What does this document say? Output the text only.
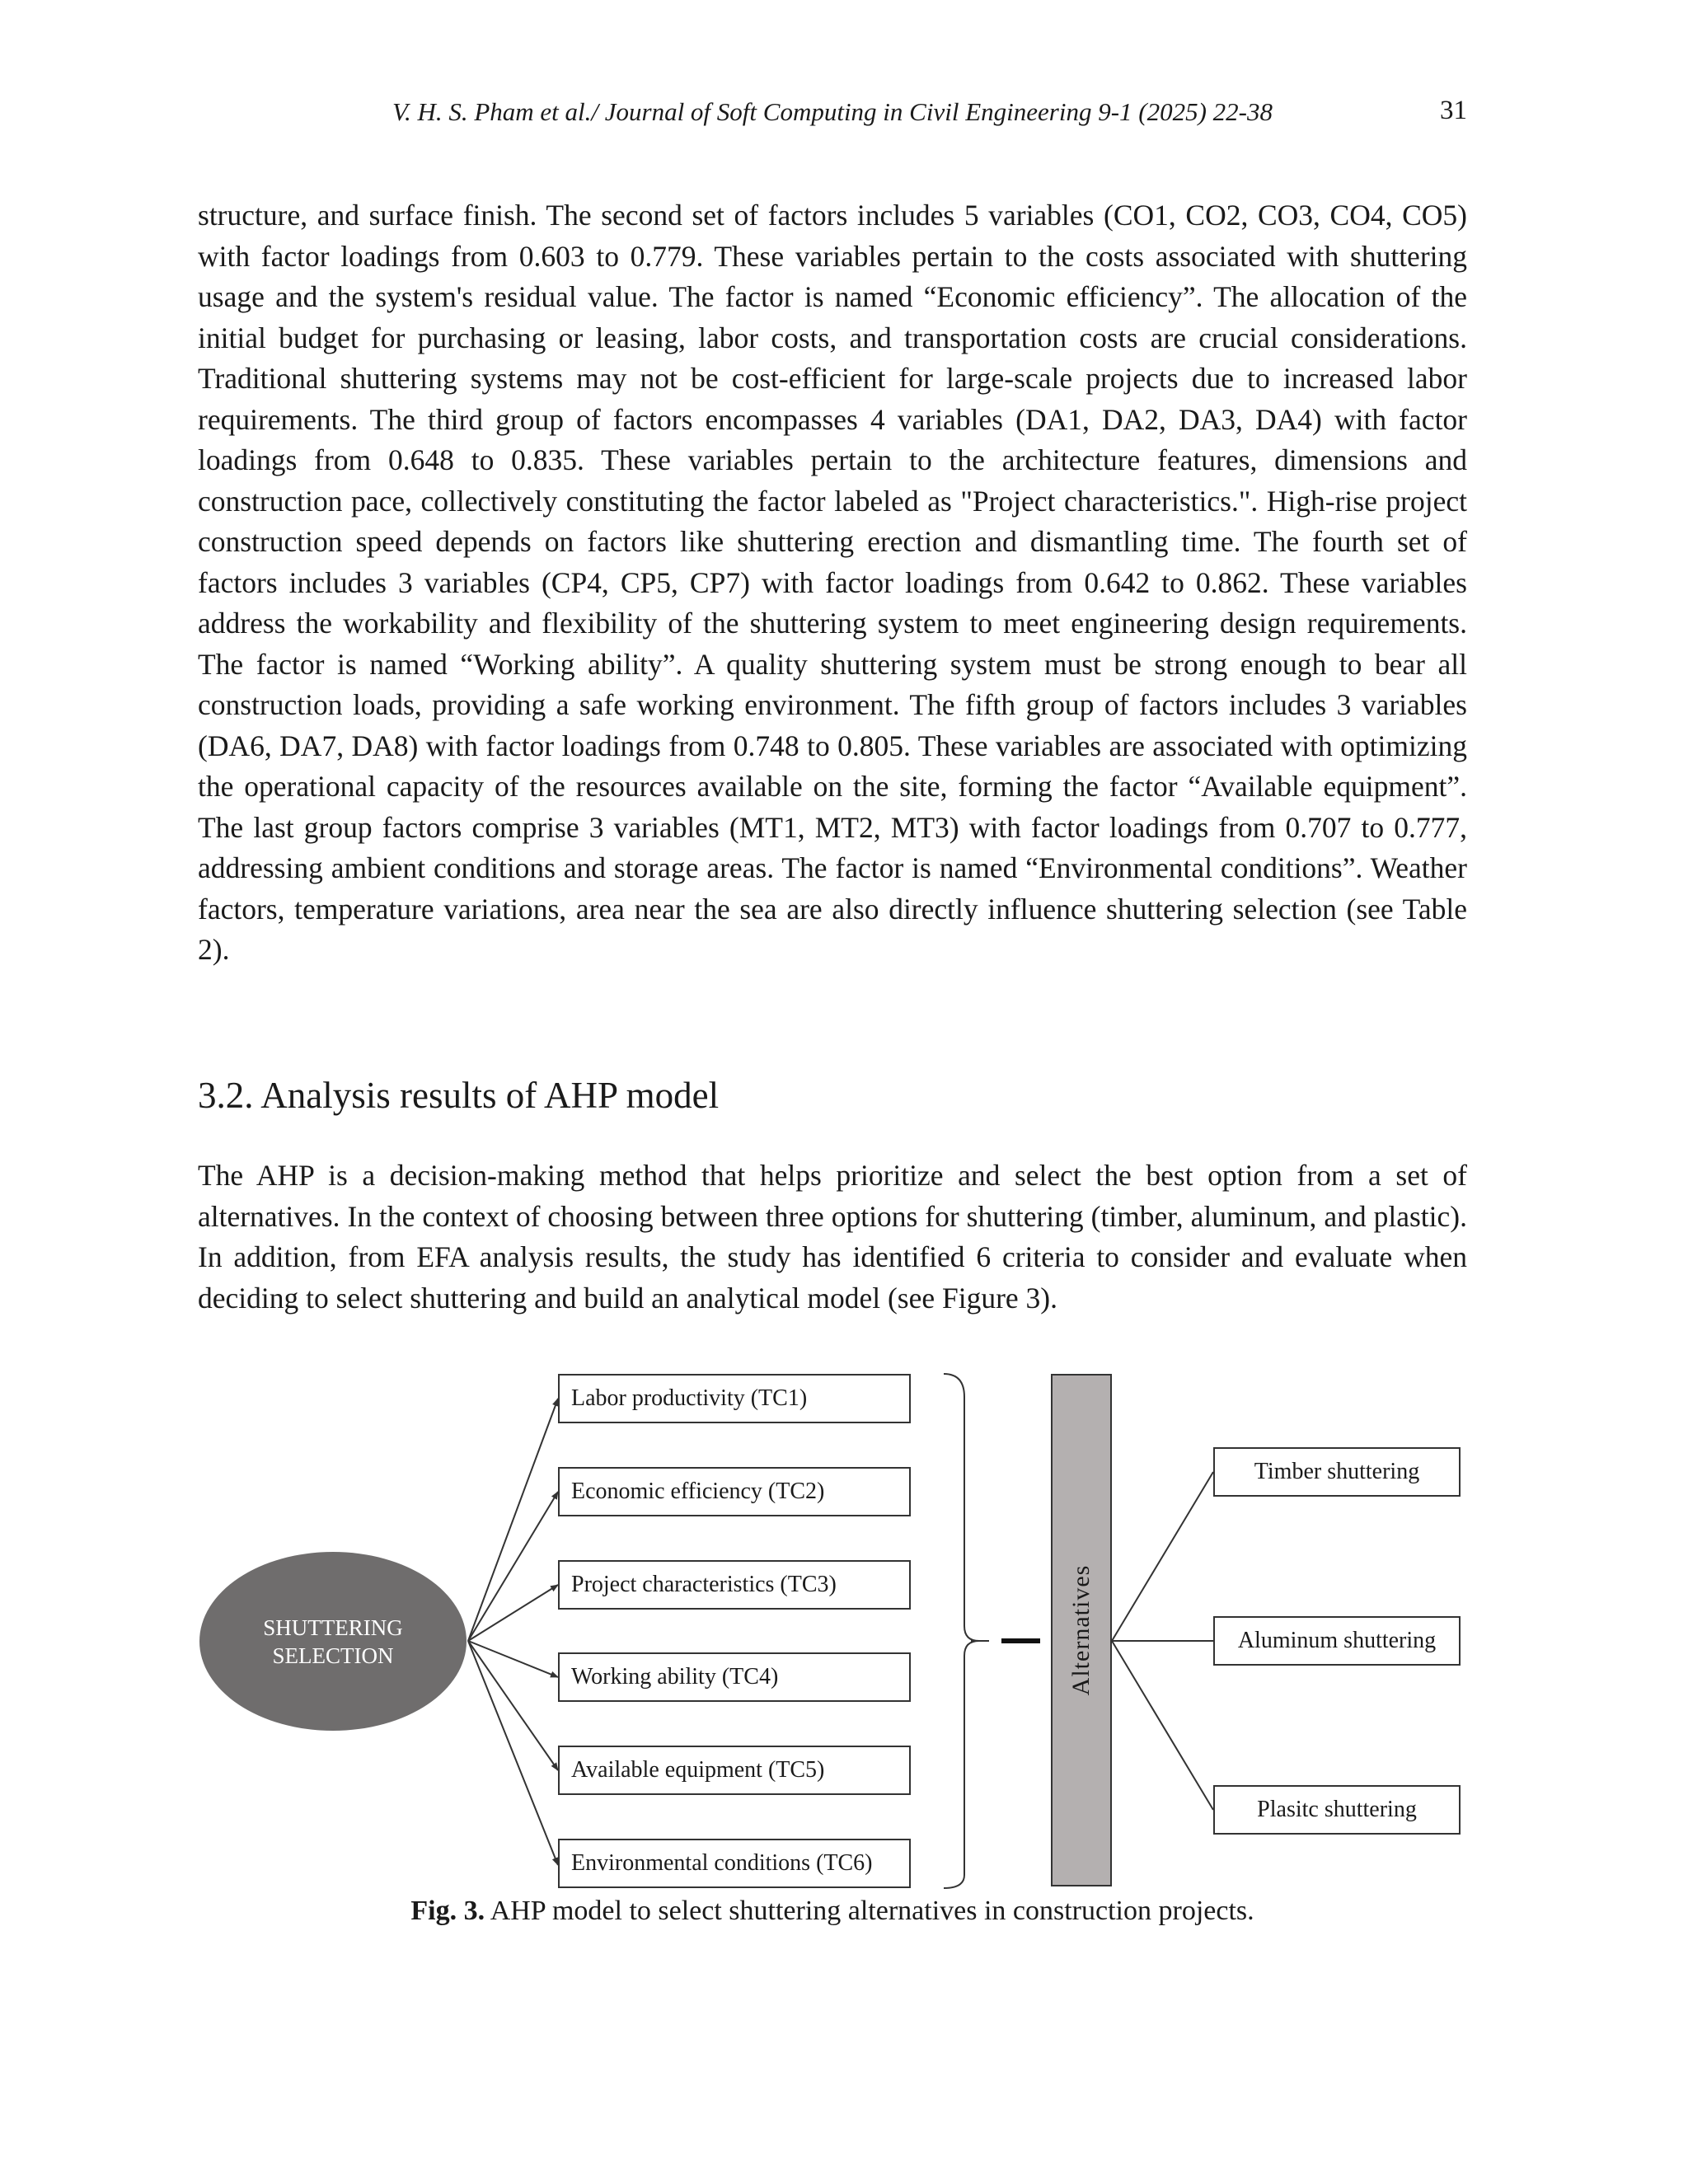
V. H. S. Pham et al./ Journal of Soft Computing in Civil Engineering 9-1 (2025) 22-38	31

structure, and surface finish. The second set of factors includes 5 variables (CO1, CO2, CO3, CO4, CO5) with factor loadings from 0.603 to 0.779. These variables pertain to the costs associated with shuttering usage and the system's residual value. The factor is named “Economic efficiency”. The allocation of the initial budget for purchasing or leasing, labor costs, and transportation costs are crucial considerations. Traditional shuttering systems may not be cost-efficient for large-scale projects due to increased labor requirements. The third group of factors encompasses 4 variables (DA1, DA2, DA3, DA4) with factor loadings from 0.648 to 0.835. These variables pertain to the architecture features, dimensions and construction pace, collectively constituting the factor labeled as "Project characteristics.". High-rise project construction speed depends on factors like shuttering erection and dismantling time. The fourth set of factors includes 3 variables (CP4, CP5, CP7) with factor loadings from 0.642 to 0.862. These variables address the workability and flexibility of the shuttering system to meet engineering design requirements. The factor is named “Working ability”. A quality shuttering system must be strong enough to bear all construction loads, providing a safe working environment. The fifth group of factors includes 3 variables (DA6, DA7, DA8) with factor loadings from 0.748 to 0.805. These variables are associated with optimizing the operational capacity of the resources available on the site, forming the factor “Available equipment”. The last group factors comprise 3 variables (MT1, MT2, MT3) with factor loadings from 0.707 to 0.777, addressing ambient conditions and storage areas. The factor is named “Environmental conditions”. Weather factors, temperature variations, area near the sea are also directly influence shuttering selection (see Table 2).

3.2. Analysis results of AHP model

The AHP is a decision-making method that helps prioritize and select the best option from a set of alternatives. In the context of choosing between three options for shuttering (timber, aluminum, and plastic). In addition, from EFA analysis results, the study has identified 6 criteria to consider and evaluate when deciding to select shuttering and build an analytical model (see Figure 3).

SHUTTERING
SELECTION
Labor productivity (TC1)
Economic efficiency (TC2)
Project characteristics (TC3)
Working ability (TC4)
Available equipment (TC5)
Environmental conditions (TC6)
Alternatives
Timber shuttering
Aluminum shuttering
Plasitc shuttering

Fig. 3. AHP model to select shuttering alternatives in construction projects.
